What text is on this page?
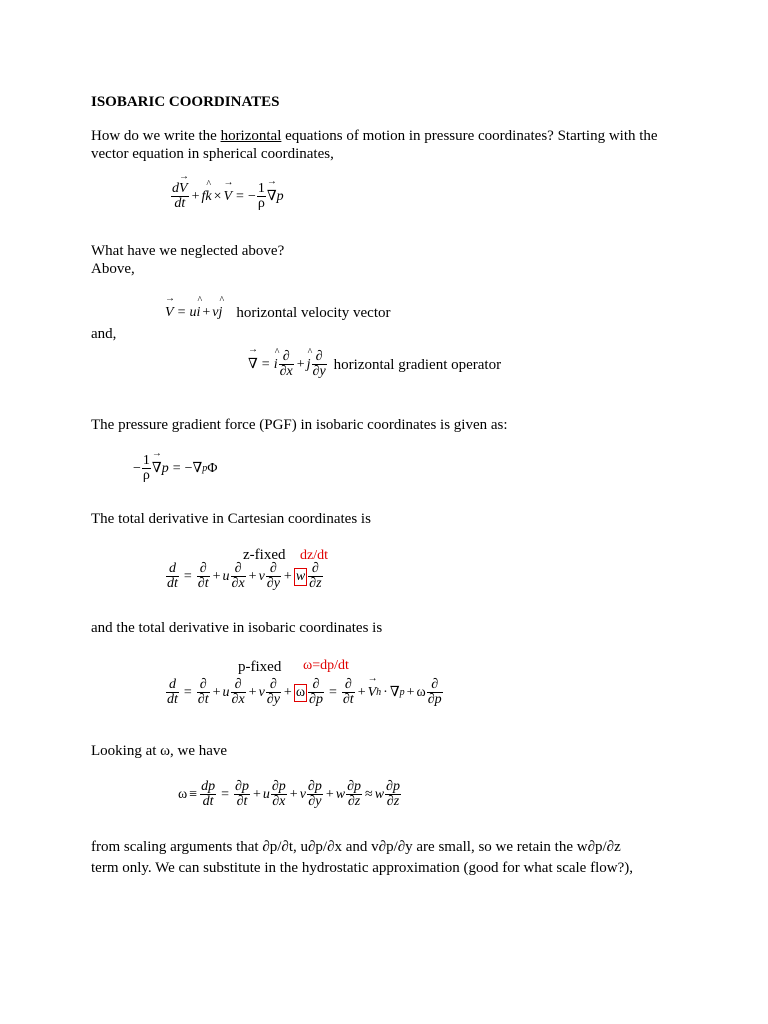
ISOBARIC COORDINATES
How do we write the horizontal equations of motion in pressure coordinates? Starting with the
vector equation in spherical coordinates,
$\frac{d\to V}{dt}$ + f^ k × → V = − $\frac{1}{\rho}$ → ∇ p
What have we neglected above?
Above,
→ V = u^ i + v^ j horizontal velocity vector
and,
→ ∇ = ^ i $\frac{\partial}{\partial x}$ + ^ j $\frac{\partial}{\partial y}$ horizontal gradient operator
The pressure gradient force (PGF) in isobaric coordinates is given as:
− $\frac{1}{\rho}$ → ∇ p = −∇ p Φ
The total derivative in Cartesian coordinates is
z-fixed dz/dt
$\frac{d}{dt} = \frac{\partial}{\partial t} + u \frac{\partial}{\partial x} + v \frac{\partial}{\partial y} + w \frac{\partial}{\partial z}$
and the total derivative in isobaric coordinates is
p-fixed ω=dp/dt
$\frac{d}{dt} = \frac{\partial}{\partial t} + u \frac{\partial}{\partial x} + v \frac{\partial}{\partial y} + \omega \frac{\partial}{\partial p} = \frac{\partial}{\partial t}$ + → V h · ∇ p + ω $\frac{\partial}{\partial p}$
Looking at ω, we have
$\omega \equiv \frac{dp}{dt} = \frac{\partial p}{\partial t} + u \frac{\partial p}{\partial x} + v \frac{\partial p}{\partial y} + w \frac{\partial p}{\partial z} \approx w \frac{\partial p}{\partial z}$
from scaling arguments that ∂p/∂t, u∂p/∂x and v∂p/∂y are small, so we retain the w∂p/∂z
term only. We can substitute in the hydrostatic approximation (good for what scale flow?),
